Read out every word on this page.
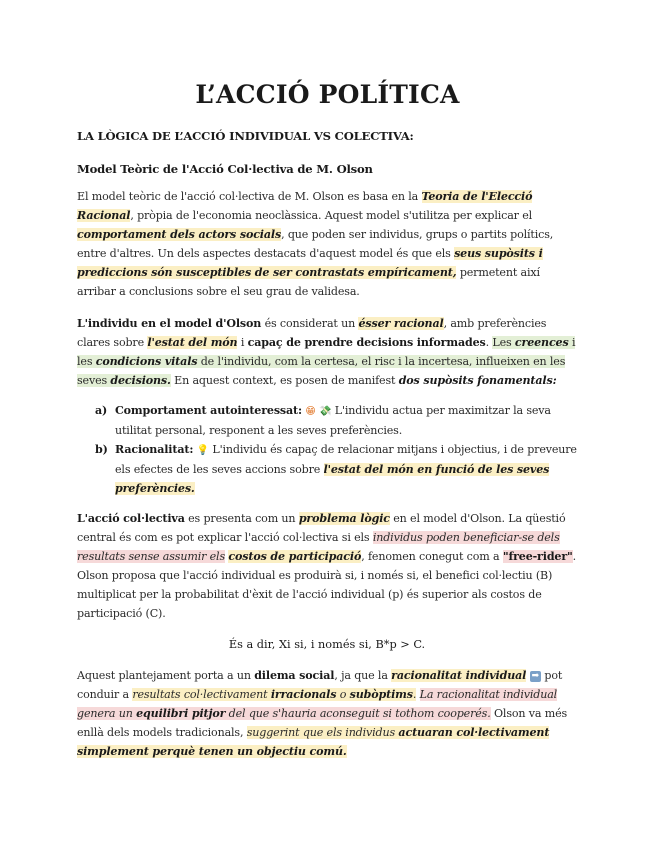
L’ACCIÓ POLÍTICA

LA LÒGICA DE L’ACCIÓ INDIVIDUAL VS COLECTIVA:

Model Teòric de l'Acció Col·lectiva de M. Olson

El model teòric de l'acció col·lectiva de M. Olson es basa en la Teoria de l'Elecció Racional, pròpia de l'economia neoclàssica. Aquest model s'utilitza per explicar el comportament dels actors socials, que poden ser individus, grups o partits polítics, entre d'altres. Un dels aspectes destacats d'aquest model és que els seus supòsits i prediccions són susceptibles de ser contrastats empíricament, permetent així arribar a conclusions sobre el seu grau de validesa.

L'individu en el model d'Olson és considerat un ésser racional, amb preferències clares sobre l'estat del món i capaç de prendre decisions informades. Les creences i les condicions vitals de l'individu, com la certesa, el risc i la incertesa, influeixen en les seves decisions. En aquest context, es posen de manifest dos supòsits fonamentals:

a) Comportament autointeressat: 😁 💸 L'individu actua per maximitzar la seva utilitat personal, responent a les seves preferències.
b) Racionalitat: 💡 L'individu és capaç de relacionar mitjans i objectius, i de preveure els efectes de les seves accions sobre l'estat del món en funció de les seves preferències.

L'acció col·lectiva es presenta com un problema lògic en el model d'Olson. La qüestió central és com es pot explicar l'acció col·lectiva si els individus poden beneficiar-se dels resultats sense assumir els costos de participació, fenomen conegut com a "free-rider". Olson proposa que l'acció individual es produirà si, i només si, el benefici col·lectiu (B) multiplicat per la probabilitat d'èxit de l'acció individual (p) és superior als costos de participació (C).

És a dir, Xi si, i només si, B*p > C.

Aquest plantejament porta a un dilema social, ja que la racionalitat individual ➡ pot conduir a resultats col·lectivament irracionals o subòptims. La racionalitat individual genera un equilibri pitjor del que s'hauria aconseguit si tothom cooperés. Olson va més enllà dels models tradicionals, suggerint que els individus actuaran col·lectivament simplement perquè tenen un objectiu comú.
